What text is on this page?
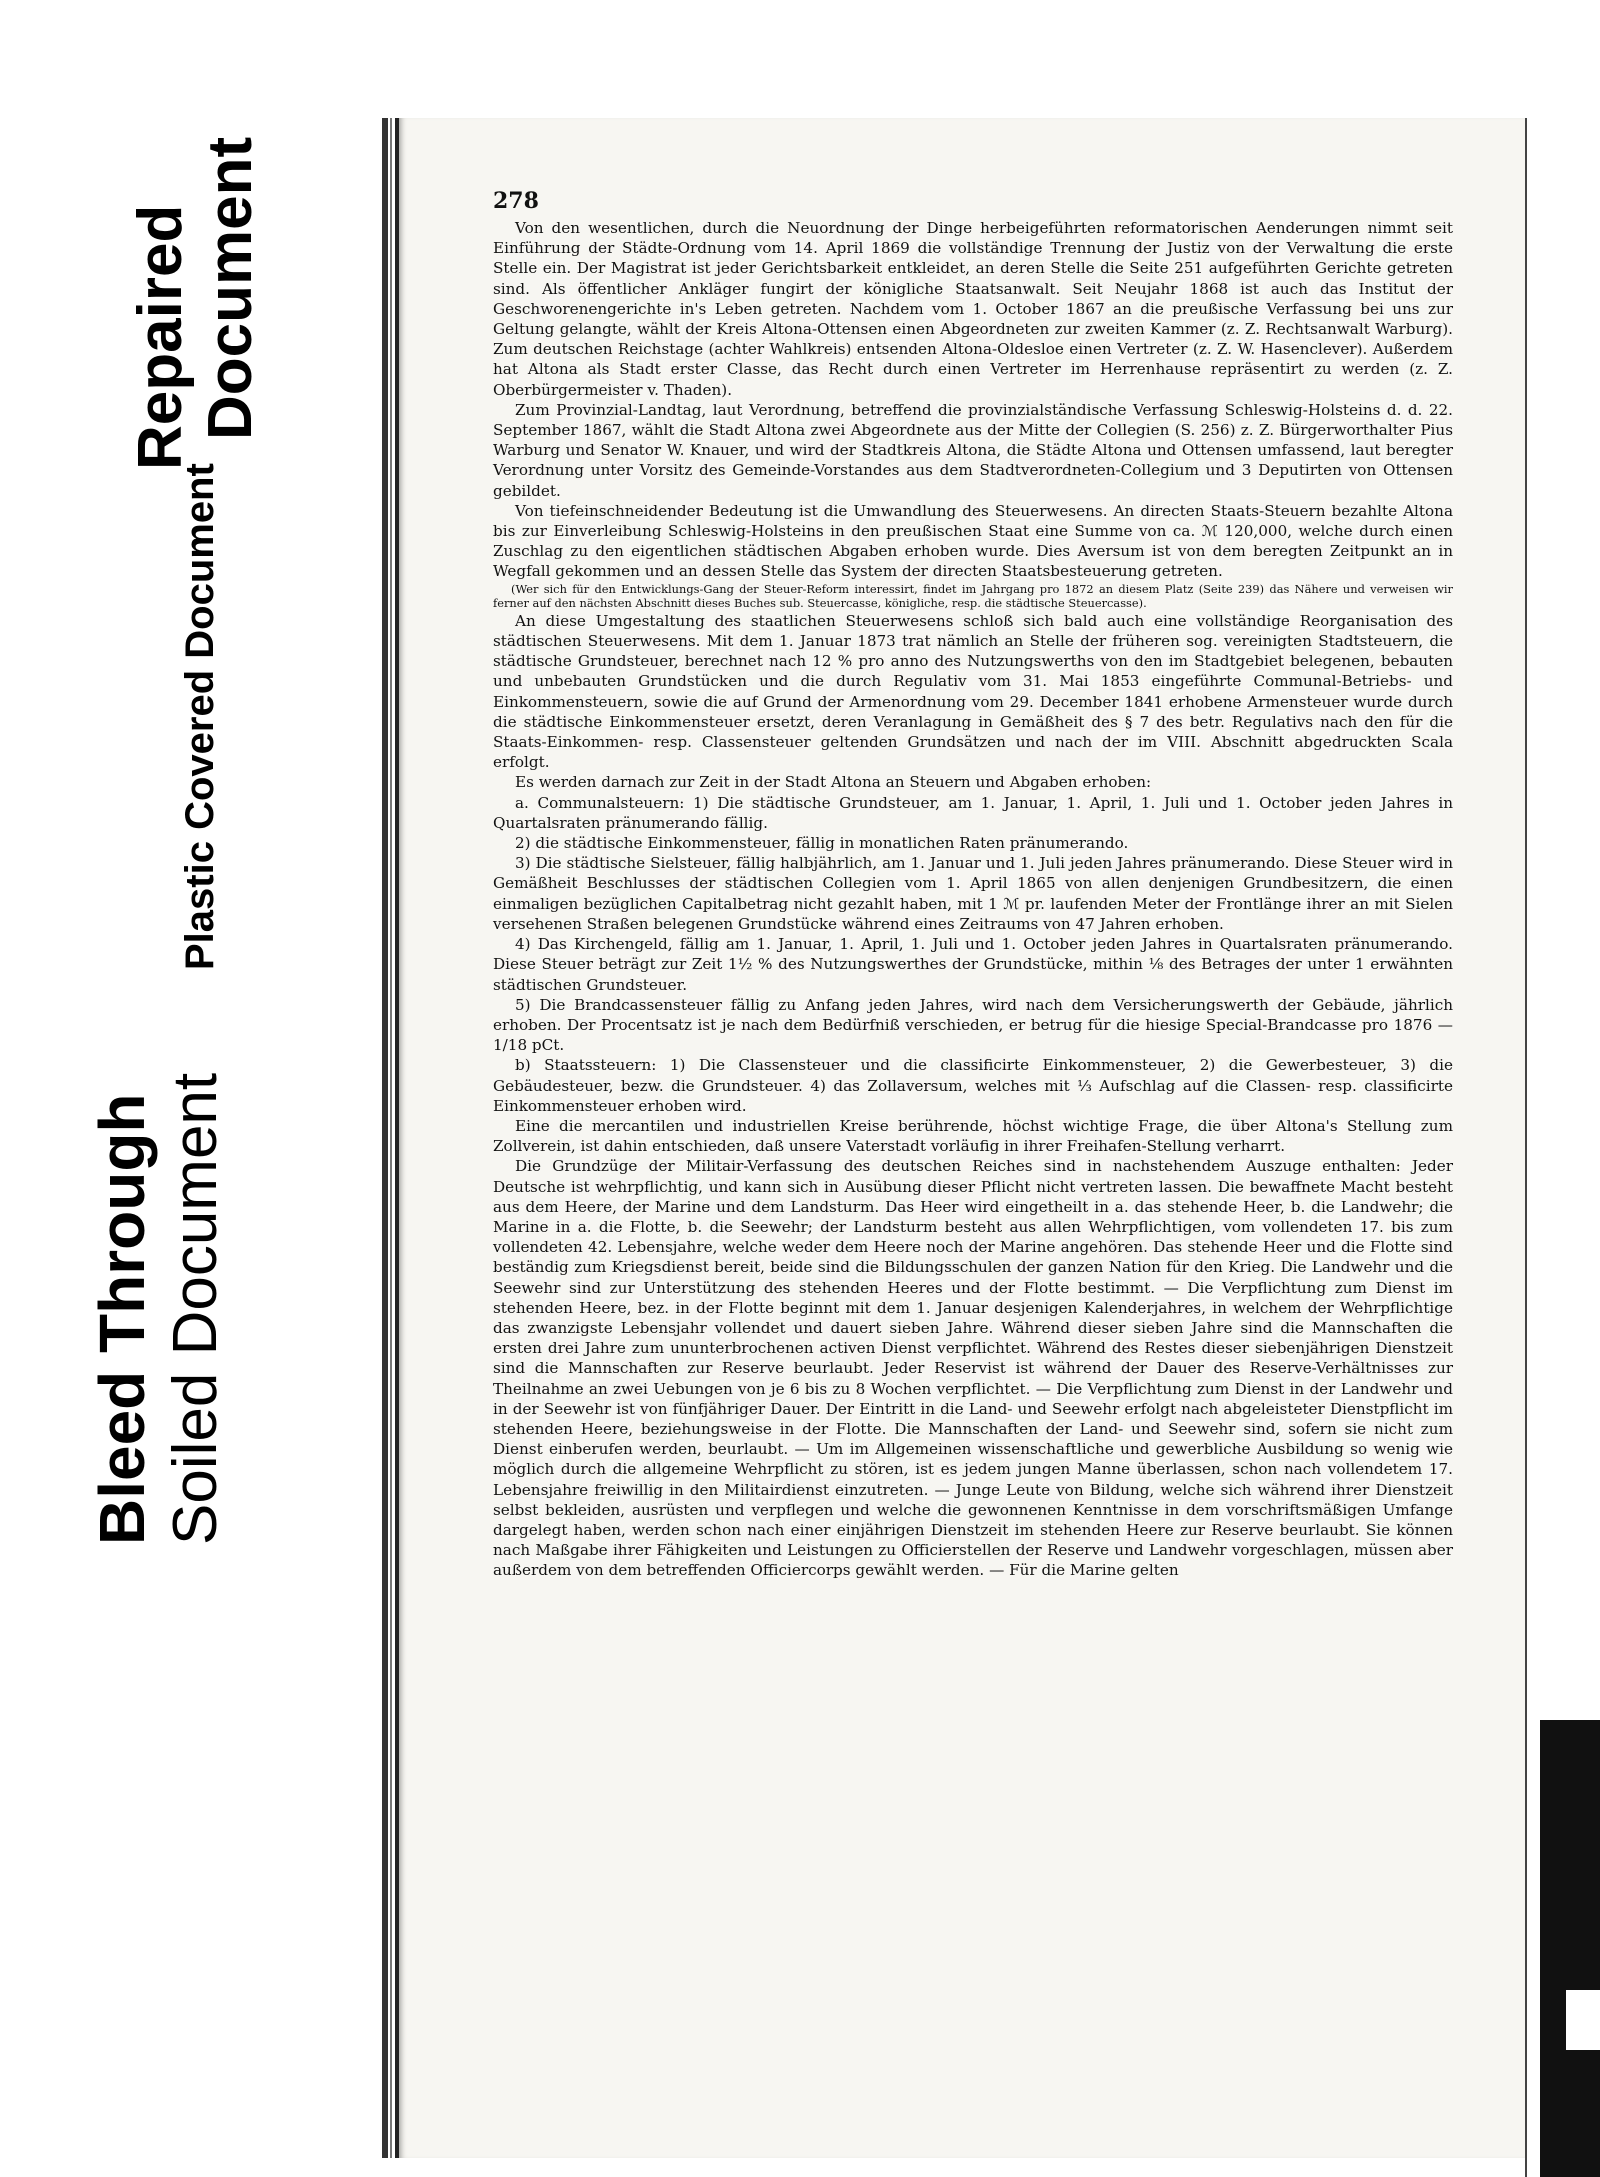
Repaired Document
Plastic Covered Document
Bleed Through Soiled Document
278

Von den wesentlichen, durch die Neuordnung der Dinge herbeigeführten reformatorischen Aenderungen nimmt seit Einführung der Städte-Ordnung vom 14. April 1869 die vollständige Trennung der Justiz von der Verwaltung die erste Stelle ein. Der Magistrat ist jeder Gerichtsbarkeit entkleidet, an deren Stelle die Seite 251 aufgeführten Gerichte getreten sind. Als öffentlicher Ankläger fungirt der königliche Staatsanwalt. Seit Neujahr 1868 ist auch das Institut der Geschworenengerichte in's Leben getreten. Nachdem vom 1. October 1867 an die preußische Verfassung bei uns zur Geltung gelangte, wählt der Kreis Altona-Ottensen einen Abgeordneten zur zweiten Kammer (z. Z. Rechtsanwalt Warburg). Zum deutschen Reichstage (achter Wahlkreis) entsenden Altona-Oldesloe einen Vertreter (z. Z. W. Hasenclever). Außerdem hat Altona als Stadt erster Classe, das Recht durch einen Vertreter im Herrenhause repräsentirt zu werden (z. Z. Oberbürgermeister v. Thaden).

Zum Provinzial-Landtag, laut Verordnung, betreffend die provinzialständische Verfassung Schleswig-Holsteins d. d. 22. September 1867, wählt die Stadt Altona zwei Abgeordnete aus der Mitte der Collegien (S. 256) z. Z. Bürgerworthalter Pius Warburg und Senator W. Knauer, und wird der Stadtkreis Altona, die Städte Altona und Ottensen umfassend, laut beregter Verordnung unter Vorsitz des Gemeinde-Vorstandes aus dem Stadtverordneten-Collegium und 3 Deputirten von Ottensen gebildet.

Von tiefeinschneidender Bedeutung ist die Umwandlung des Steuerwesens. An directen Staats-Steuern bezahlte Altona bis zur Einverleibung Schleswig-Holsteins in den preußischen Staat eine Summe von ca. ℳ 120,000, welche durch einen Zuschlag zu den eigentlichen städtischen Abgaben erhoben wurde. Dies Aversum ist von dem beregten Zeitpunkt an in Wegfall gekommen und an dessen Stelle das System der directen Staatsbesteuerung getreten.

(Wer sich für den Entwicklungs-Gang der Steuer-Reform interessirt, findet im Jahrgang pro 1872 an diesem Platz (Seite 239) das Nähere und verweisen wir ferner auf den nächsten Abschnitt dieses Buches sub. Steuercasse, königliche, resp. die städtische Steuercasse).

An diese Umgestaltung des staatlichen Steuerwesens schloß sich bald auch eine vollständige Reorganisation des städtischen Steuerwesens. Mit dem 1. Januar 1873 trat nämlich an Stelle der früheren sog. vereinigten Stadtsteuern, die städtische Grundsteuer, berechnet nach 12 % pro anno des Nutzungswerths von den im Stadtgebiet belegenen, bebauten und unbebauten Grundstücken und die durch Regulativ vom 31. Mai 1853 eingeführte Communal-Betriebs- und Einkommensteuern, sowie die auf Grund der Armenordnung vom 29. December 1841 erhobene Armensteuer wurde durch die städtische Einkommensteuer ersetzt, deren Veranlagung in Gemäßheit des § 7 des betr. Regulativs nach den für die Staats-Einkommen- resp. Classensteuer geltenden Grundsätzen und nach der im VIII. Abschnitt abgedruckten Scala erfolgt.

Es werden darnach zur Zeit in der Stadt Altona an Steuern und Abgaben erhoben:

a. Communalsteuern: 1) Die städtische Grundsteuer, am 1. Januar, 1. April, 1. Juli und 1. October jeden Jahres in Quartalsraten pränumerando fällig.

2) die städtische Einkommensteuer, fällig in monatlichen Raten pränumerando.

3) Die städtische Sielsteuer, fällig halbjährlich, am 1. Januar und 1. Juli jeden Jahres pränumerando. Diese Steuer wird in Gemäßheit Beschlusses der städtischen Collegien vom 1. April 1865 von allen denjenigen Grundbesitzern, die einen einmaligen bezüglichen Capitalbetrag nicht gezahlt haben, mit 1 ℳ pr. laufenden Meter der Frontlänge ihrer an mit Sielen versehenen Straßen belegenen Grundstücke während eines Zeitraums von 47 Jahren erhoben.

4) Das Kirchengeld, fällig am 1. Januar, 1. April, 1. Juli und 1. October jeden Jahres in Quartalsraten pränumerando. Diese Steuer beträgt zur Zeit 1½ % des Nutzungswerthes der Grundstücke, mithin ⅛ des Betrages der unter 1 erwähnten städtischen Grundsteuer.

5) Die Brandcassensteuer fällig zu Anfang jeden Jahres, wird nach dem Versicherungswerth der Gebäude, jährlich erhoben. Der Procentsatz ist je nach dem Bedürfniß verschieden, er betrug für die hiesige Special-Brandcasse pro 1876 — 1/18 pCt.

b) Staatssteuern: 1) Die Classensteuer und die classificirte Einkommensteuer, 2) die Gewerbesteuer, 3) die Gebäudesteuer, bezw. die Grundsteuer. 4) das Zollaversum, welches mit ⅓ Aufschlag auf die Classen- resp. classificirte Einkommensteuer erhoben wird.

Eine die mercantilen und industriellen Kreise berührende, höchst wichtige Frage, die über Altona's Stellung zum Zollverein, ist dahin entschieden, daß unsere Vaterstadt vorläufig in ihrer Freihafen-Stellung verharrt.

Die Grundzüge der Militair-Verfassung des deutschen Reiches sind in nachstehendem Auszuge enthalten: Jeder Deutsche ist wehrpflichtig, und kann sich in Ausübung dieser Pflicht nicht vertreten lassen. Die bewaffnete Macht besteht aus dem Heere, der Marine und dem Landsturm. Das Heer wird eingetheilt in a. das stehende Heer, b. die Landwehr; die Marine in a. die Flotte, b. die Seewehr; der Landsturm besteht aus allen Wehrpflichtigen, vom vollendeten 17. bis zum vollendeten 42. Lebensjahre, welche weder dem Heere noch der Marine angehören. Das stehende Heer und die Flotte sind beständig zum Kriegsdienst bereit, beide sind die Bildungsschulen der ganzen Nation für den Krieg. Die Landwehr und die Seewehr sind zur Unterstützung des stehenden Heeres und der Flotte bestimmt. — Die Verpflichtung zum Dienst im stehenden Heere, bez. in der Flotte beginnt mit dem 1. Januar desjenigen Kalenderjahres, in welchem der Wehrpflichtige das zwanzigste Lebensjahr vollendet und dauert sieben Jahre. Während dieser sieben Jahre sind die Mannschaften die ersten drei Jahre zum ununterbrochenen activen Dienst verpflichtet. Während des Restes dieser siebenjährigen Dienstzeit sind die Mannschaften zur Reserve beurlaubt. Jeder Reservist ist während der Dauer des Reserve-Verhältnisses zur Theilnahme an zwei Uebungen von je 6 bis zu 8 Wochen verpflichtet. — Die Verpflichtung zum Dienst in der Landwehr und in der Seewehr ist von fünfjähriger Dauer. Der Eintritt in die Land- und Seewehr erfolgt nach abgeleisteter Dienstpflicht im stehenden Heere, beziehungsweise in der Flotte. Die Mannschaften der Land- und Seewehr sind, sofern sie nicht zum Dienst einberufen werden, beurlaubt. — Um im Allgemeinen wissenschaftliche und gewerbliche Ausbildung so wenig wie möglich durch die allgemeine Wehrpflicht zu stören, ist es jedem jungen Manne überlassen, schon nach vollendetem 17. Lebensjahre freiwillig in den Militairdienst einzutreten. — Junge Leute von Bildung, welche sich während ihrer Dienstzeit selbst bekleiden, ausrüsten und verpflegen und welche die gewonnenen Kenntnisse in dem vorschriftsmäßigen Umfange dargelegt haben, werden schon nach einer einjährigen Dienstzeit im stehenden Heere zur Reserve beurlaubt. Sie können nach Maßgabe ihrer Fähigkeiten und Leistungen zu Officierstellen der Reserve und Landwehr vorgeschlagen, müssen aber außerdem von dem betreffenden Officiercorps gewählt werden. — Für die Marine gelten
